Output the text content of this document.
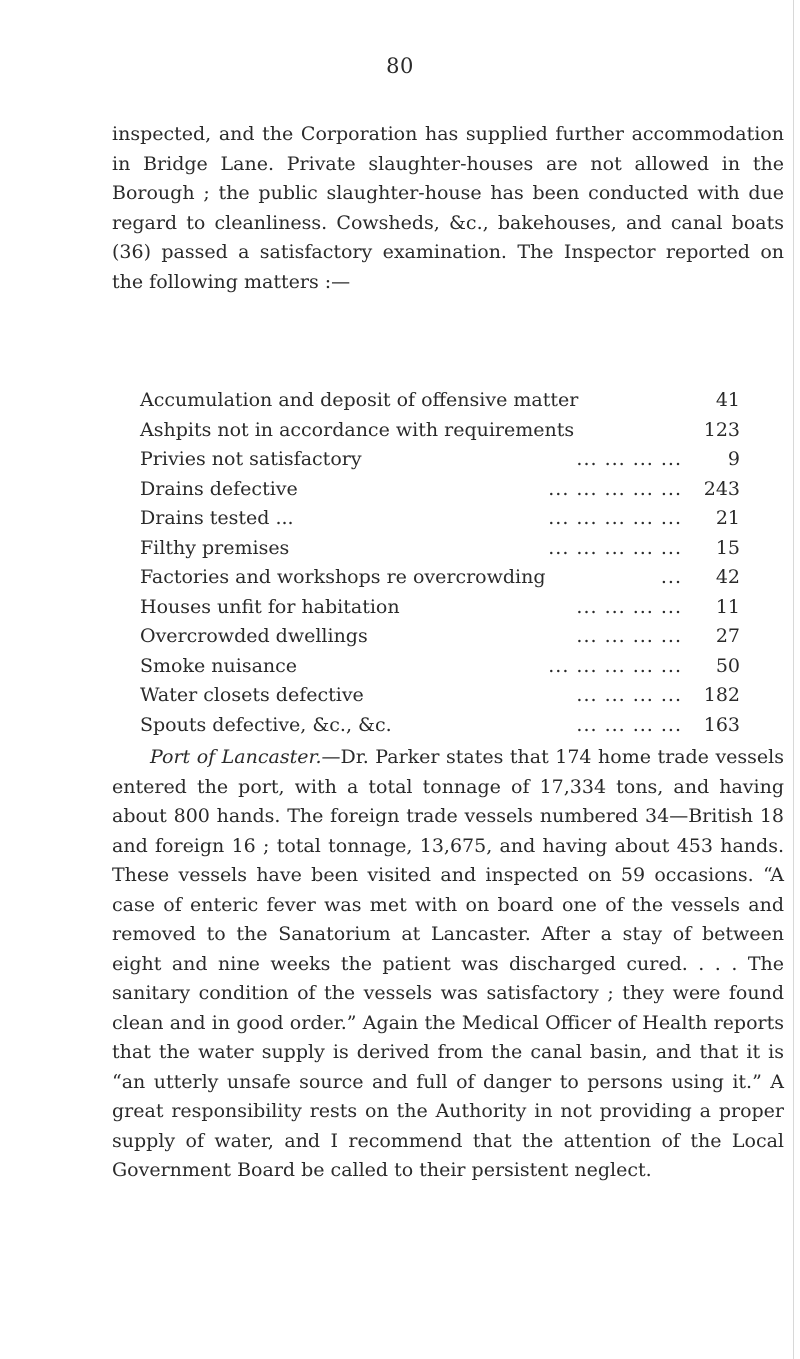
80
inspected, and the Corporation has supplied further accommodation in Bridge Lane. Private slaughter-houses are not allowed in the Borough ; the public slaughter-house has been conducted with due regard to cleanliness. Cowsheds, &c., bakehouses, and canal boats (36) passed a satisfactory examination. The Inspector reported on the following matters :—
Accumulation and deposit of offensive matter	41
Ashpits not in accordance with requirements	123
Privies not satisfactory	... ... ... ...	9
Drains defective	... ... ... ... ...	243
Drains tested ...	... ... ... ... ...	21
Filthy premises	... ... ... ... ...	15
Factories and workshops re overcrowding	...	42
Houses unfit for habitation	... ... ... ...	11
Overcrowded dwellings	... ... ... ...	27
Smoke nuisance	... ... ... ... ...	50
Water closets defective	... ... ... ...	182
Spouts defective, &c., &c.	... ... ... ...	163
Port of Lancaster.—Dr. Parker states that 174 home trade vessels entered the port, with a total tonnage of 17,334 tons, and having about 800 hands. The foreign trade vessels numbered 34—British 18 and foreign 16 ; total tonnage, 13,675, and having about 453 hands. These vessels have been visited and inspected on 59 occasions. “A case of enteric fever was met with on board one of the vessels and removed to the Sanatorium at Lancaster. After a stay of between eight and nine weeks the patient was discharged cured. . . . The sanitary condition of the vessels was satisfactory ; they were found clean and in good order.” Again the Medical Officer of Health reports that the water supply is derived from the canal basin, and that it is “an utterly unsafe source and full of danger to persons using it.” A great responsibility rests on the Authority in not providing a proper supply of water, and I recommend that the attention of the Local Government Board be called to their persistent neglect.
